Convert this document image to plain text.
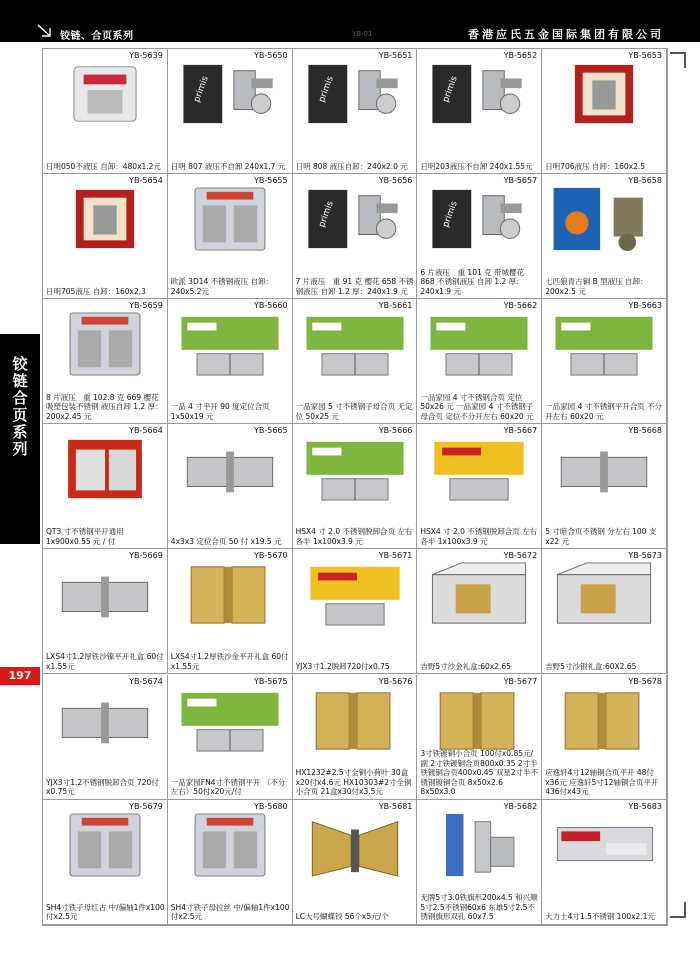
铰链、合页系列	YB-01	香港应氏五金国际集团有限公司
铰链合页系列
197
YB-5639
日明050不液压 自卸：480x1.2元
primis
YB-5650
日明 807 液压不自卸 240x1.7 元
primis
YB-5651
日明 808 液压自卸：240x2.0 元
primis
YB-5652
日明203液压不自卸 240x1.55元
YB-5653
日明706液压 自卸：160x2.5
YB-5654
日明705液压 自卸：160x2.3
YB-5655
欧派 3D14 不锈钢液压 自卸：240x5.2元
primis
YB-5656
7 片液压　重 91 克 樱花 658 不锈钢液压 自卸 1.2 厚：240x1.9 元
primis
YB-5657
6 片液压　重 101 克 带城樱花 868 不锈钢液压 自卸 1.2 厚：240x1.9 元
YB-5658
七匹狼青古铜 B 型液压 自卸：200x2.5 元
YB-5659
8 片液压　重 102.8 克 669 樱花吸塑包装不锈钢 液压自卸 1.2 厚：200x2.45 元
YB-5660
一品 4 寸平开 90 度定位合页 1x50x19 元
YB-5661
一品家园 5 寸不锈钢子母合页 无定位 50x25 元
YB-5662
一品家园 4 寸不锈钢合页 定位 50x26 元 一品家园 4 寸不锈钢子母合页 定位不分开左右 60x20 元
YB-5663
一品家园 4 寸不锈钢平开合页 不分开左右 60x20 元
YB-5664
QT3 寸不锈钢平开通用 1x900x0.55 元 / 付
YB-5665
4x3x3 定位合页 50 付 x19.5 元
YB-5666
HSX4 寸 2.0 不锈钢脱卸合页 左右各半 1x100x3.9 元
YB-5667
HSX4 寸 2.0 不锈钢脱卸合页 左右各半 1x100x3.9 元
YB-5668
5 寸暗合页不锈钢 分左右 100 支 x22 元
YB-5669
LXS4寸1.2厚铁沙镍平开礼盒 60付x1.55元
YB-5670
LXS4寸1.2厚铁沙金平开礼盒 60付x1.55元
YB-5671
YJX3寸1.2脱卸720付x0.75
YB-5672
吉野5寸沙金礼盒:60x2.65
YB-5673
吉野5寸沙银礼盒:60X2.65
YB-5674
YJX3寸1.2不锈钢脱卸合页 720付x0.75元
YB-5675
一品家园FN4寸不锈钢平开 （不分左右）50付x20元/付
YB-5676
HX1232#2.5寸全铜小荷叶 30盒x20付x4.6元 HX10303#2寸全铜小合页 21盒x30付x3.5元
YB-5677
3寸铁镀铜小合页 100付x0.85元/副 2寸铁镀铜合页800x0.35 2寸半铁镀铜合页400x0.45 双星2寸半不锈钢镀铜合页 8x50x2.6　　8x50x3.0
YB-5678
应逸轩4寸12轴铜合页平开 48付x36元 应逸轩5寸12轴铜合页平开 436付x43元
YB-5679
SH4寸铁子母红古 中/偏轴1件x100付x2.5元
YB-5680
SH4寸铁子母拉丝 中/偏轴1件x100付x2.5元
YB-5681
LC大号蝴蝶铰 56个x5元/个
YB-5682
无牌5寸3.0铁旗形200x4.5 和兴顺5寸2.5不锈钢60x6 东雄5寸2.5不锈钢旗形双孔 60x7.5
YB-5683
大力士4寸1.5不锈钢 100x2.1元
